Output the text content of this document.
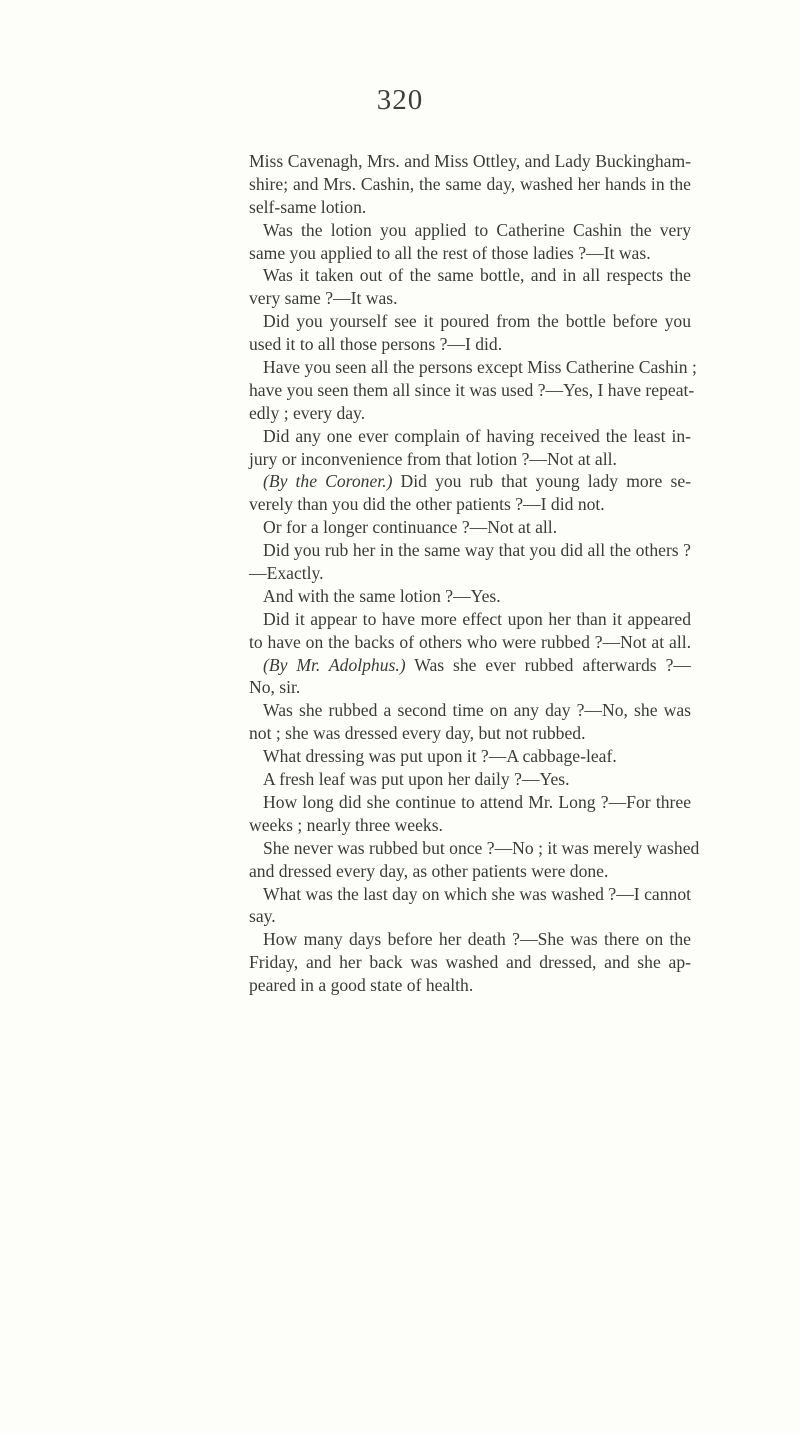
320
Miss Cavenagh, Mrs. and Miss Ottley, and Lady Buckingham-
shire; and Mrs. Cashin, the same day, washed her hands in the
self-same lotion.
Was the lotion you applied to Catherine Cashin the very
same you applied to all the rest of those ladies ?—It was.
Was it taken out of the same bottle, and in all respects the
very same ?—It was.
Did you yourself see it poured from the bottle before you
used it to all those persons ?—I did.
Have you seen all the persons except Miss Catherine Cashin ;
have you seen them all since it was used ?—Yes, I have repeat-
edly ; every day.
Did any one ever complain of having received the least in-
jury or inconvenience from that lotion ?—Not at all.
(By the Coroner.) Did you rub that young lady more se-
verely than you did the other patients ?—I did not.
Or for a longer continuance ?—Not at all.
Did you rub her in the same way that you did all the others ?
—Exactly.
And with the same lotion ?—Yes.
Did it appear to have more effect upon her than it appeared
to have on the backs of others who were rubbed ?—Not at all.
(By Mr. Adolphus.) Was she ever rubbed afterwards ?—
No, sir.
Was she rubbed a second time on any day ?—No, she was
not ; she was dressed every day, but not rubbed.
What dressing was put upon it ?—A cabbage-leaf.
A fresh leaf was put upon her daily ?—Yes.
How long did she continue to attend Mr. Long ?—For three
weeks ; nearly three weeks.
She never was rubbed but once ?—No ; it was merely washed
and dressed every day, as other patients were done.
What was the last day on which she was washed ?—I cannot
say.
How many days before her death ?—She was there on the
Friday, and her back was washed and dressed, and she ap-
peared in a good state of health.
